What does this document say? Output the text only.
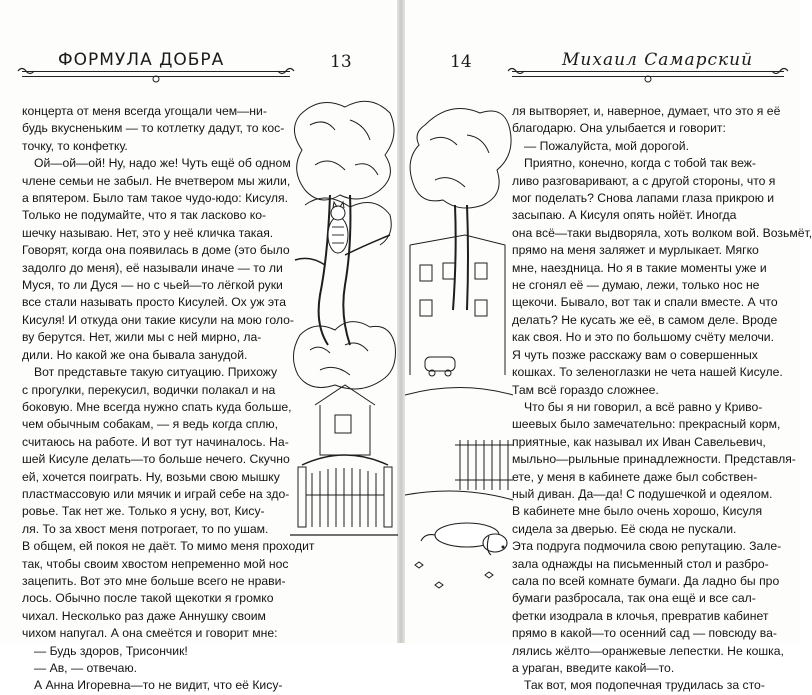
ФОРМУЛА ДОБРА	13	14	Михаил Самарский

концерта от меня всегда угощали чем—ни-

будь вкусненьким — то котлетку дадут, то кос-

точку, то конфетку.

Ой—ой—ой! Ну, надо же! Чуть ещё об одном

члене семьи не забыл. Не вчетвером мы жили,

а впятером. Было там такое чудо-юдо: Кисуля.

Только не подумайте, что я так ласково ко-

шечку называю. Нет, это у неё кличка такая.

Говорят, когда она появилась в доме (это было

задолго до меня), её называли иначе — то ли

Муся, то ли Дуся — но с чьей—то лёгкой руки

все стали называть просто Кисулей. Ох уж эта

Кисуля! И откуда они такие кисули на мою голо-

ву берутся. Нет, жили мы с ней мирно, ла-

дили. Но какой же она бывала занудой.

Вот представьте такую ситуацию. Прихожу

с прогулки, перекусил, водички полакал и на

боковую. Мне всегда нужно спать куда больше,

чем обычным собакам, — я ведь когда сплю,

считаюсь на работе. И вот тут начиналось. На-

шей Кисуле делать—то больше нечего. Скучно

ей, хочется поиграть. Ну, возьми свою мышку

пластмассовую или мячик и играй себе на здо-

ровье. Так нет же. Только я усну, вот, Кису-

ля. То за хвост меня потрогает, то по ушам.

В общем, ей покоя не даёт. То мимо меня проходит

так, чтобы своим хвостом непременно мой нос

зацепить. Вот это мне больше всего не нрави-

лось. Обычно после такой щекотки я громко

чихал. Несколько раз даже Аннушку своим

чихом напугал. А она смеётся и говорит мне:

— Будь здоров, Трисончик!

— Ав, — отвечаю.

А Анна Игоревна—то не видит, что её Кису-

ля вытворяет, и, наверное, думает, что это я её

благодарю. Она улыбается и говорит:

— Пожалуйста, мой дорогой.

Приятно, конечно, когда с тобой так веж-

ливо разговаривают, а с другой стороны, что я

мог поделать? Снова лапами глаза прикрою и

засыпаю. А Кисуля опять нойёт. Иногда

она всё—таки выдворяла, хоть волком вой. Возьмёт,

прямо на меня заляжет и мурлыкает. Мягко

мне, наездница. Но я в такие моменты уже и

не сгонял её — думаю, лежи, только нос не

щекочи. Бывало, вот так и спали вместе. А что

делать? Не кусать же её, в самом деле. Вроде

как своя. Но и это по большому счёту мелочи.

Я чуть позже расскажу вам о совершенных

кошках. То зеленоглазки не чета нашей Кисуле.

Там всё гораздо сложнее.

Что бы я ни говорил, а всё равно у Криво-

шеевых было замечательно: прекрасный корм,

приятные, как называл их Иван Савельевич,

мыльно—рыльные принадлежности. Представля-

ете, у меня в кабинете даже был собствен-

ный диван. Да—да! С подушечкой и одеялом.

В кабинете мне было очень хорошо, Кисуля

сидела за дверью. Её сюда не пускали.

Эта подруга подмочила свою репутацию. Зале-

зала однажды на письменный стол и разбро-

сала по всей комнате бумаги. Да ладно бы про

бумаги разбросала, так она ещё и все сал-

фетки изодрала в клочья, превратив кабинет

прямо в какой—то осенний сад — повсюду ва-

лялись жёлто—оранжевые лепестки. Не кошка,

а ураган, введите какой—то.

Так вот, моя подопечная трудилась за сто-
